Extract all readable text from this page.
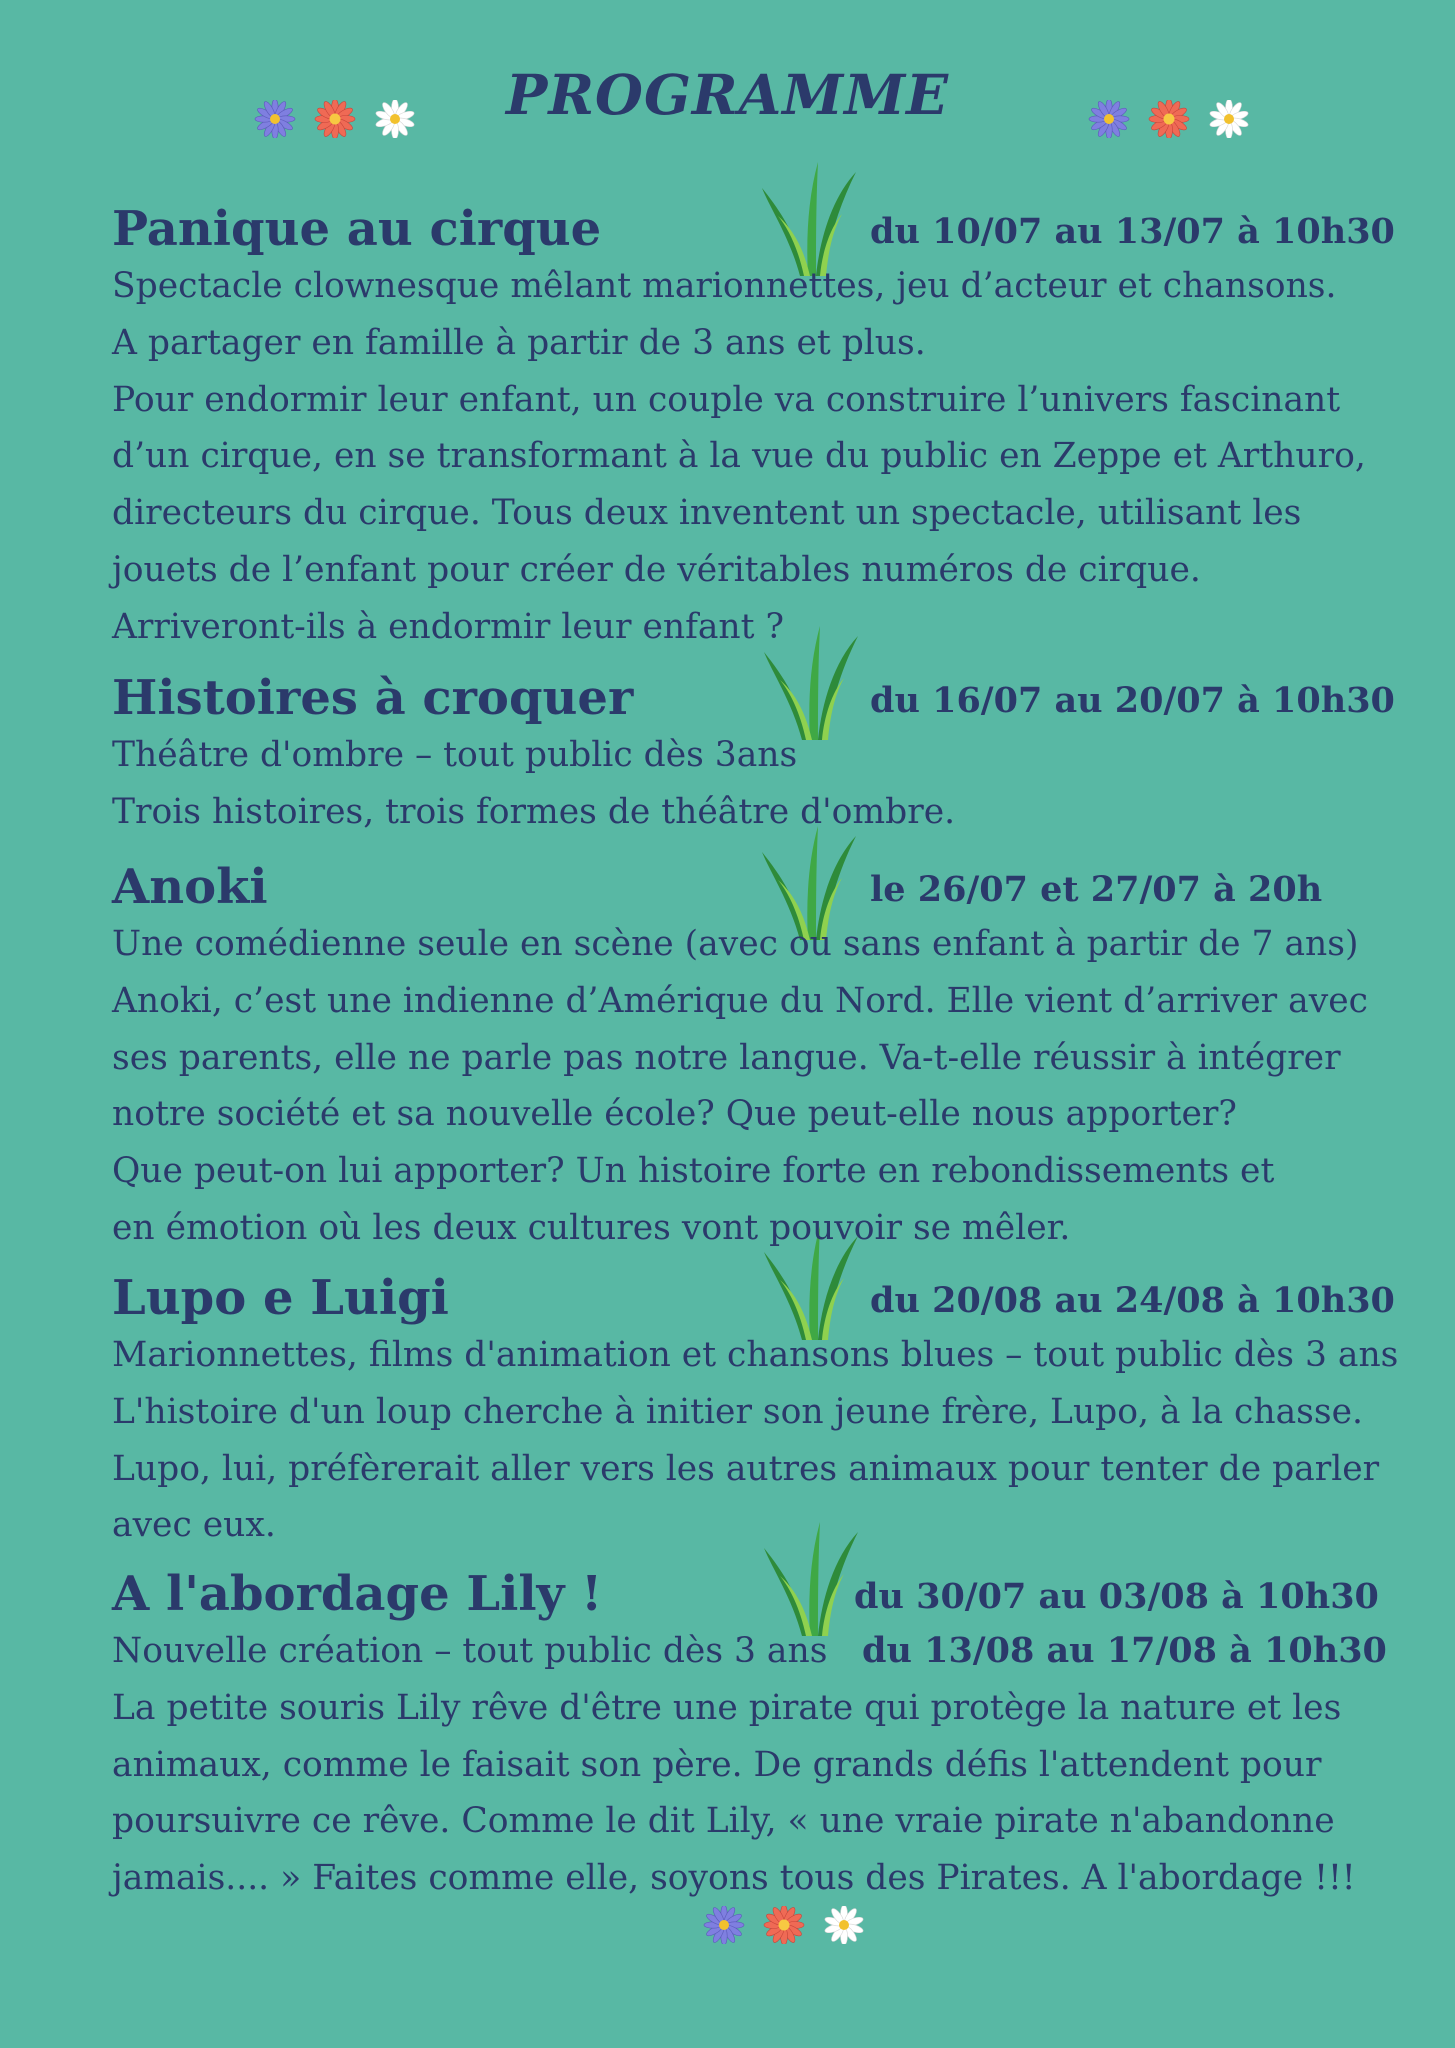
PROGRAMME
Panique au cirque	du 10/07 au 13/07 à 10h30

Spectacle clownesque mêlant marionnettes, jeu d’acteur et chansons.

A partager en famille à partir de 3 ans et plus.

Pour endormir leur enfant, un couple va construire l’univers fascinant

d’un cirque, en se transformant à la vue du public en Zeppe et Arthuro,

directeurs du cirque. Tous deux inventent un spectacle, utilisant les

jouets de l’enfant pour créer de véritables numéros de cirque.

Arriveront-ils à endormir leur enfant ?

Histoires à croquer	du 16/07 au 20/07 à 10h30

Théâtre d'ombre – tout public dès 3ans

Trois histoires, trois formes de théâtre d'ombre.

Anoki	le 26/07 et 27/07 à 20h

Une comédienne seule en scène (avec ou sans enfant à partir de 7 ans)

Anoki, c’est une indienne d’Amérique du Nord. Elle vient d’arriver avec

ses parents, elle ne parle pas notre langue. Va-t-elle réussir à intégrer

notre société et sa nouvelle école? Que peut-elle nous apporter?

Que peut-on lui apporter? Un histoire forte en rebondissements et

en émotion où les deux cultures vont pouvoir se mêler.

Lupo e Luigi	du 20/08 au 24/08 à 10h30

Marionnettes, films d'animation et chansons blues – tout public dès 3 ans

L'histoire d'un loup cherche à initier son jeune frère, Lupo, à la chasse.

Lupo, lui, préfèrerait aller vers les autres animaux pour tenter de parler

avec eux.

A l'abordage Lily !	du 30/07 au 03/08 à 10h30

Nouvelle création – tout public dès 3 ans du 13/08 au 17/08 à 10h30

La petite souris Lily rêve d'être une pirate qui protège la nature et les

animaux, comme le faisait son père. De grands défis l'attendent pour

poursuivre ce rêve. Comme le dit Lily, « une vraie pirate n'abandonne

jamais.... » Faites comme elle, soyons tous des Pirates. A l'abordage !!!
